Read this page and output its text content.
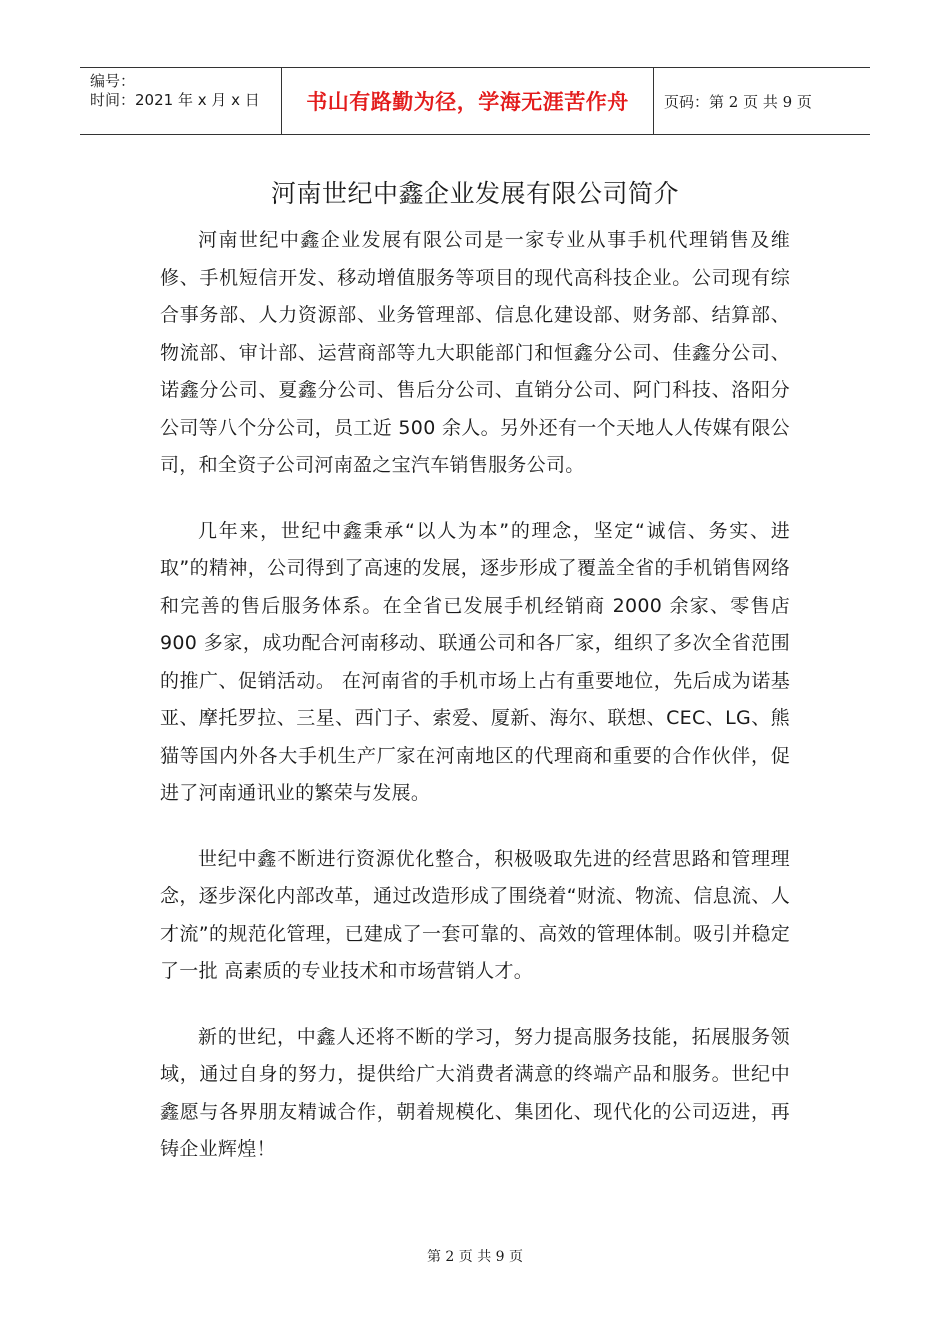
编号：
时间：2021 年 x 月 x 日	书山有路勤为径，学海无涯苦作舟 页码：第 2 页 共 9 页
河南世纪中鑫企业发展有限公司简介

河南世纪中鑫企业发展有限公司是一家专业从事手机代理销售及维修、手机短信开发、移动增值服务等项目的现代高科技企业。公司现有综合事务部、人力资源部、业务管理部、信息化建设部、财务部、结算部、物流部、审计部、运营商部等九大职能部门和恒鑫分公司、佳鑫分公司、诺鑫分公司、夏鑫分公司、售后分公司、直销分公司、阿门科技、洛阳分公司等八个分公司，员工近 500 余人。另外还有一个天地人人传媒有限公司，和全资子公司河南盈之宝汽车销售服务公司。

几年来，世纪中鑫秉承“以人为本”的理念，坚定“诚信、务实、进取”的精神，公司得到了高速的发展，逐步形成了覆盖全省的手机销售网络和完善的售后服务体系。在全省已发展手机经销商 2000 余家、零售店 900 多家，成功配合河南移动、联通公司和各厂家，组织了多次全省范围的推广、促销活动。 在河南省的手机市场上占有重要地位，先后成为诺基亚、摩托罗拉、三星、西门子、索爱、厦新、海尔、联想、CEC、LG、熊猫等国内外各大手机生产厂家在河南地区的代理商和重要的合作伙伴，促进了河南通讯业的繁荣与发展。

世纪中鑫不断进行资源优化整合，积极吸取先进的经营思路和管理理念，逐步深化内部改革，通过改造形成了围绕着“财流、物流、信息流、人才流”的规范化管理，已建成了一套可靠的、高效的管理体制。吸引并稳定了一批 高素质的专业技术和市场营销人才。

新的世纪，中鑫人还将不断的学习，努力提高服务技能，拓展服务领域，通过自身的努力，提供给广大消费者满意的终端产品和服务。世纪中鑫愿与各界朋友精诚合作，朝着规模化、集团化、现代化的公司迈进，再铸企业辉煌！

第 2 页 共 9 页
